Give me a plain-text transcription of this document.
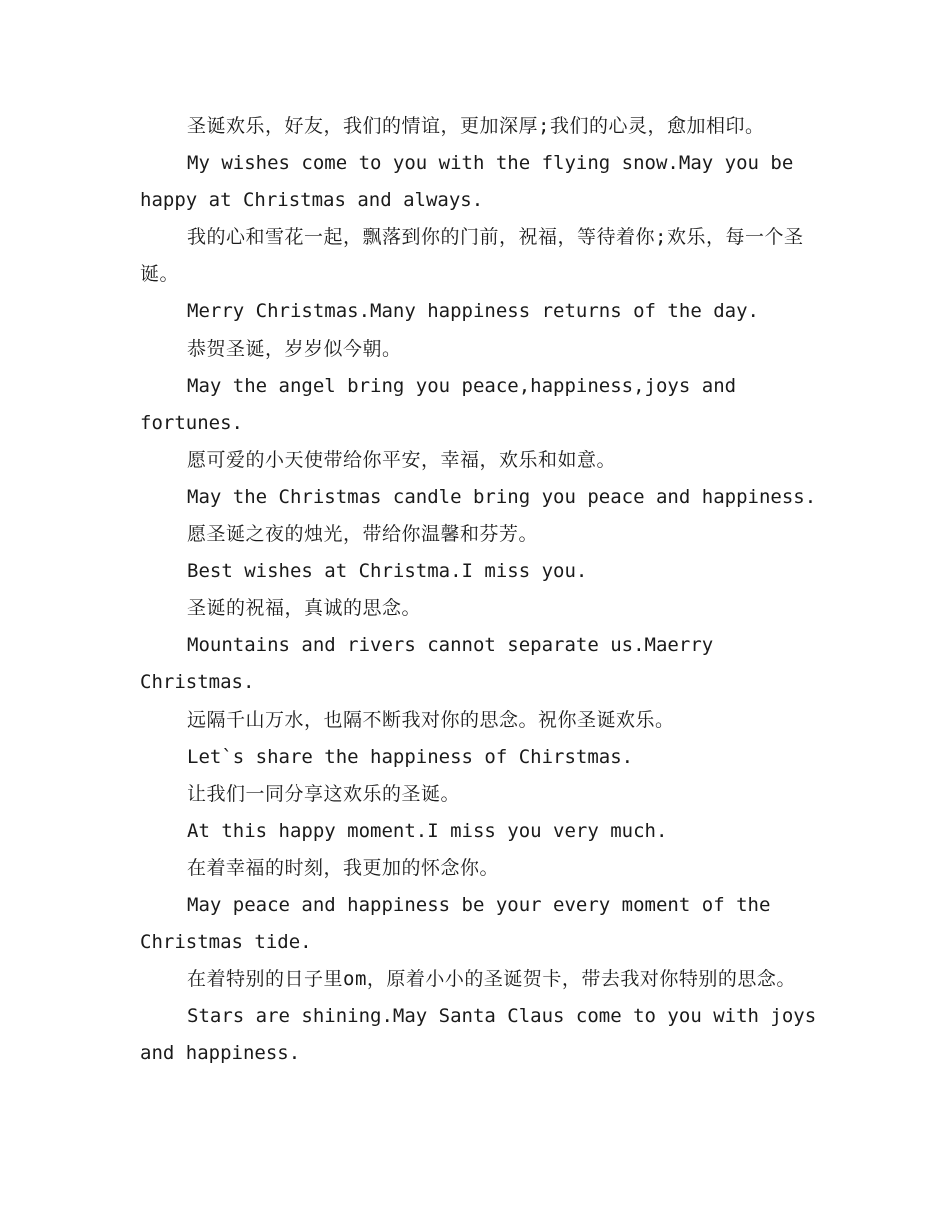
圣诞欢乐，好友，我们的情谊，更加深厚;我们的心灵，愈加相印。

My wishes come to you with the flying snow.May you be happy at Christmas and always.

我的心和雪花一起，飘落到你的门前，祝福，等待着你;欢乐，每一个圣诞。

Merry Christmas.Many happiness returns of the day.

恭贺圣诞，岁岁似今朝。

May the angel bring you peace,happiness,joys and fortunes.

愿可爱的小天使带给你平安，幸福，欢乐和如意。

May the Christmas candle bring you peace and happiness.

愿圣诞之夜的烛光，带给你温馨和芬芳。

Best wishes at Christma.I miss you.

圣诞的祝福，真诚的思念。

Mountains and rivers cannot separate us.Maerry Christmas.

远隔千山万水，也隔不断我对你的思念。祝你圣诞欢乐。

Let`s share the happiness of Chirstmas.

让我们一同分享这欢乐的圣诞。

At this happy moment.I miss you very much.

在着幸福的时刻，我更加的怀念你。

May peace and happiness be your every moment of the Christmas tide.

在着特别的日子里om，原着小小的圣诞贺卡，带去我对你特别的思念。

Stars are shining.May Santa Claus come to you with joys and happiness.
